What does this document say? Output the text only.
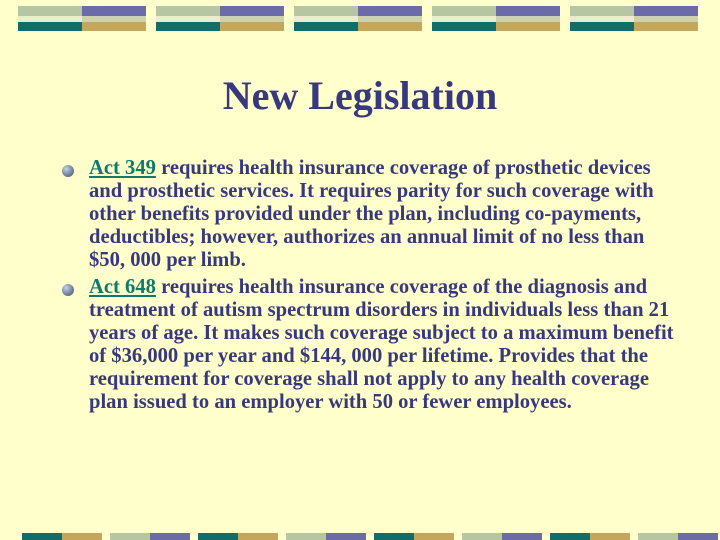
New Legislation

Act 349 requires health insurance coverage of prosthetic devices and prosthetic services. It requires parity for such coverage with other benefits provided under the plan, including co-payments, deductibles; however, authorizes an annual limit of no less than $50, 000 per limb.

Act 648 requires health insurance coverage of the diagnosis and treatment of autism spectrum disorders in individuals less than 21 years of age. It makes such coverage subject to a maximum benefit of $36,000 per year and $144, 000 per lifetime. Provides that the requirement for coverage shall not apply to any health coverage plan issued to an employer with 50 or fewer employees.
